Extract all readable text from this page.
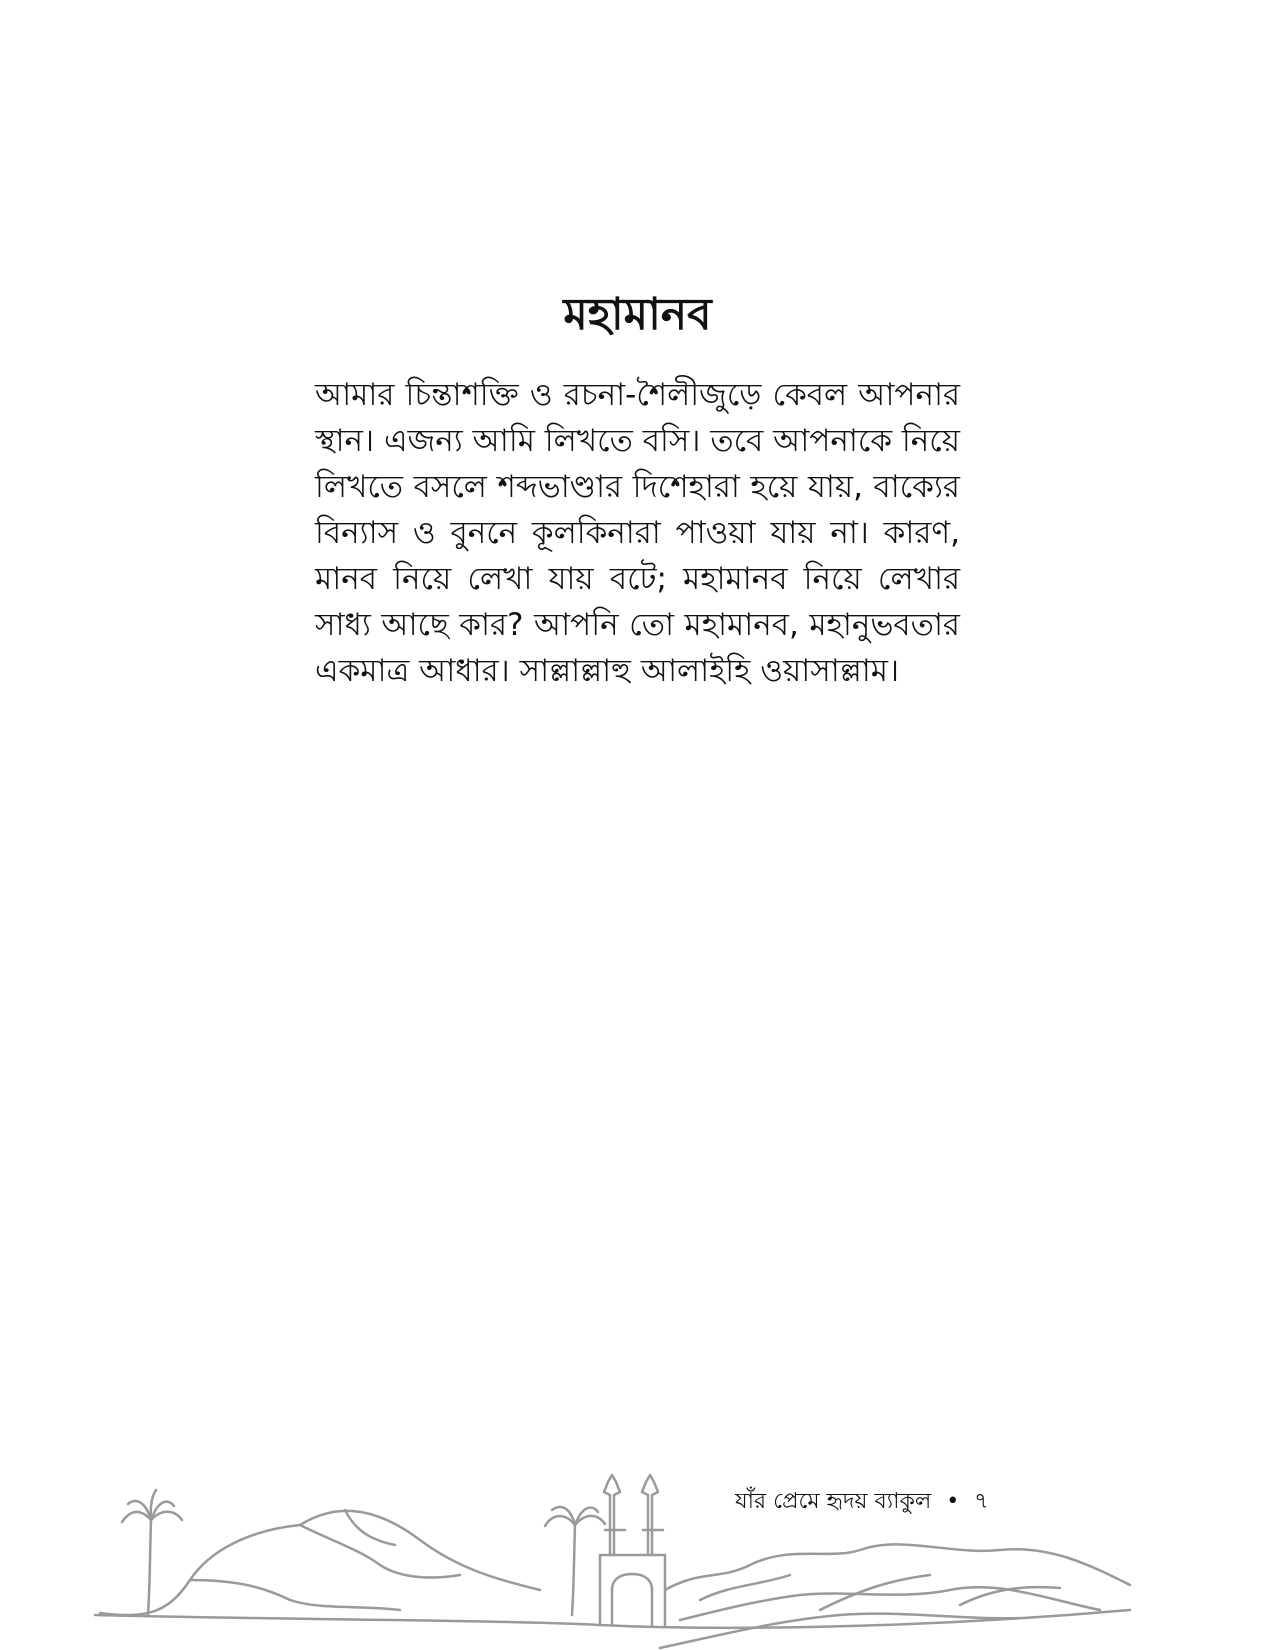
মহামানব

আমার চিন্তাশক্তি ও রচনা-শৈলীজুড়ে কেবল আপনার স্থান। এজন্য আমি লিখতে বসি। তবে আপনাকে নিয়ে লিখতে বসলে শব্দভাণ্ডার দিশেহারা হয়ে যায়, বাক্যের বিন্যাস ও বুননে কূলকিনারা পাওয়া যায় না। কারণ, মানব নিয়ে লেখা যায় বটে; মহামানব নিয়ে লেখার সাধ্য আছে কার? আপনি তো মহামানব, মহানুভবতার একমাত্র আধার। সাল্লাল্লাহু আলাইহি ওয়াসাল্লাম।

যাঁর প্রেমে হৃদয় ব্যাকুল • ৭
